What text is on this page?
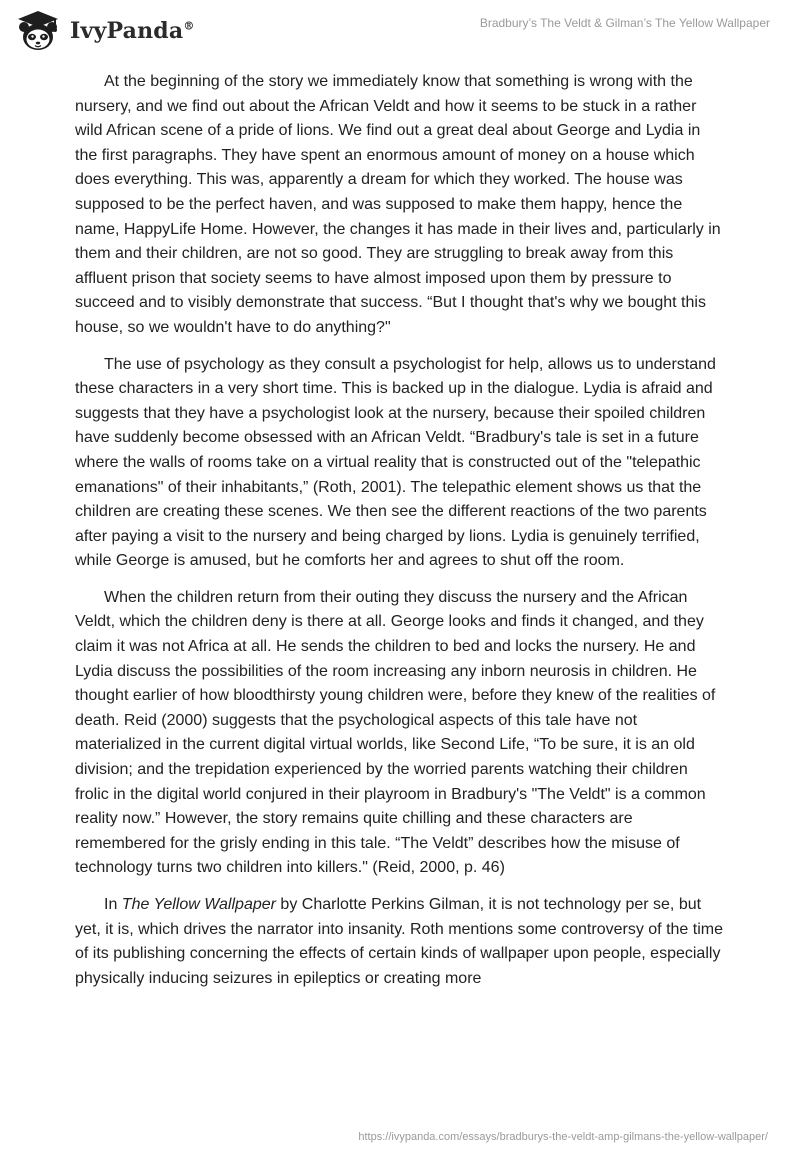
IvyPanda®	Bradbury’s The Veldt & Gilman’s The Yellow Wallpaper

At the beginning of the story we immediately know that something is wrong with the nursery, and we find out about the African Veldt and how it seems to be stuck in a rather wild African scene of a pride of lions. We find out a great deal about George and Lydia in the first paragraphs. They have spent an enormous amount of money on a house which does everything. This was, apparently a dream for which they worked. The house was supposed to be the perfect haven, and was supposed to make them happy, hence the name, HappyLife Home. However, the changes it has made in their lives and, particularly in them and their children, are not so good. They are struggling to break away from this affluent prison that society seems to have almost imposed upon them by pressure to succeed and to visibly demonstrate that success. “But I thought that's why we bought this house, so we wouldn't have to do anything?"

The use of psychology as they consult a psychologist for help, allows us to understand these characters in a very short time. This is backed up in the dialogue. Lydia is afraid and suggests that they have a psychologist look at the nursery, because their spoiled children have suddenly become obsessed with an African Veldt. “Bradbury's tale is set in a future where the walls of rooms take on a virtual reality that is constructed out of the "telepathic emanations" of their inhabitants,” (Roth, 2001). The telepathic element shows us that the children are creating these scenes. We then see the different reactions of the two parents after paying a visit to the nursery and being charged by lions. Lydia is genuinely terrified, while George is amused, but he comforts her and agrees to shut off the room.

When the children return from their outing they discuss the nursery and the African Veldt, which the children deny is there at all. George looks and finds it changed, and they claim it was not Africa at all. He sends the children to bed and locks the nursery. He and Lydia discuss the possibilities of the room increasing any inborn neurosis in children. He thought earlier of how bloodthirsty young children were, before they knew of the realities of death. Reid (2000) suggests that the psychological aspects of this tale have not materialized in the current digital virtual worlds, like Second Life, “To be sure, it is an old division; and the trepidation experienced by the worried parents watching their children frolic in the digital world conjured in their playroom in Bradbury's "The Veldt" is a common reality now.” However, the story remains quite chilling and these characters are remembered for the grisly ending in this tale. “The Veldt” describes how the misuse of technology turns two children into killers." (Reid, 2000, p. 46)

In The Yellow Wallpaper by Charlotte Perkins Gilman, it is not technology per se, but yet, it is, which drives the narrator into insanity. Roth mentions some controversy of the time of its publishing concerning the effects of certain kinds of wallpaper upon people, especially physically inducing seizures in epileptics or creating more

https://ivypanda.com/essays/bradburys-the-veldt-amp-gilmans-the-yellow-wallpaper/
